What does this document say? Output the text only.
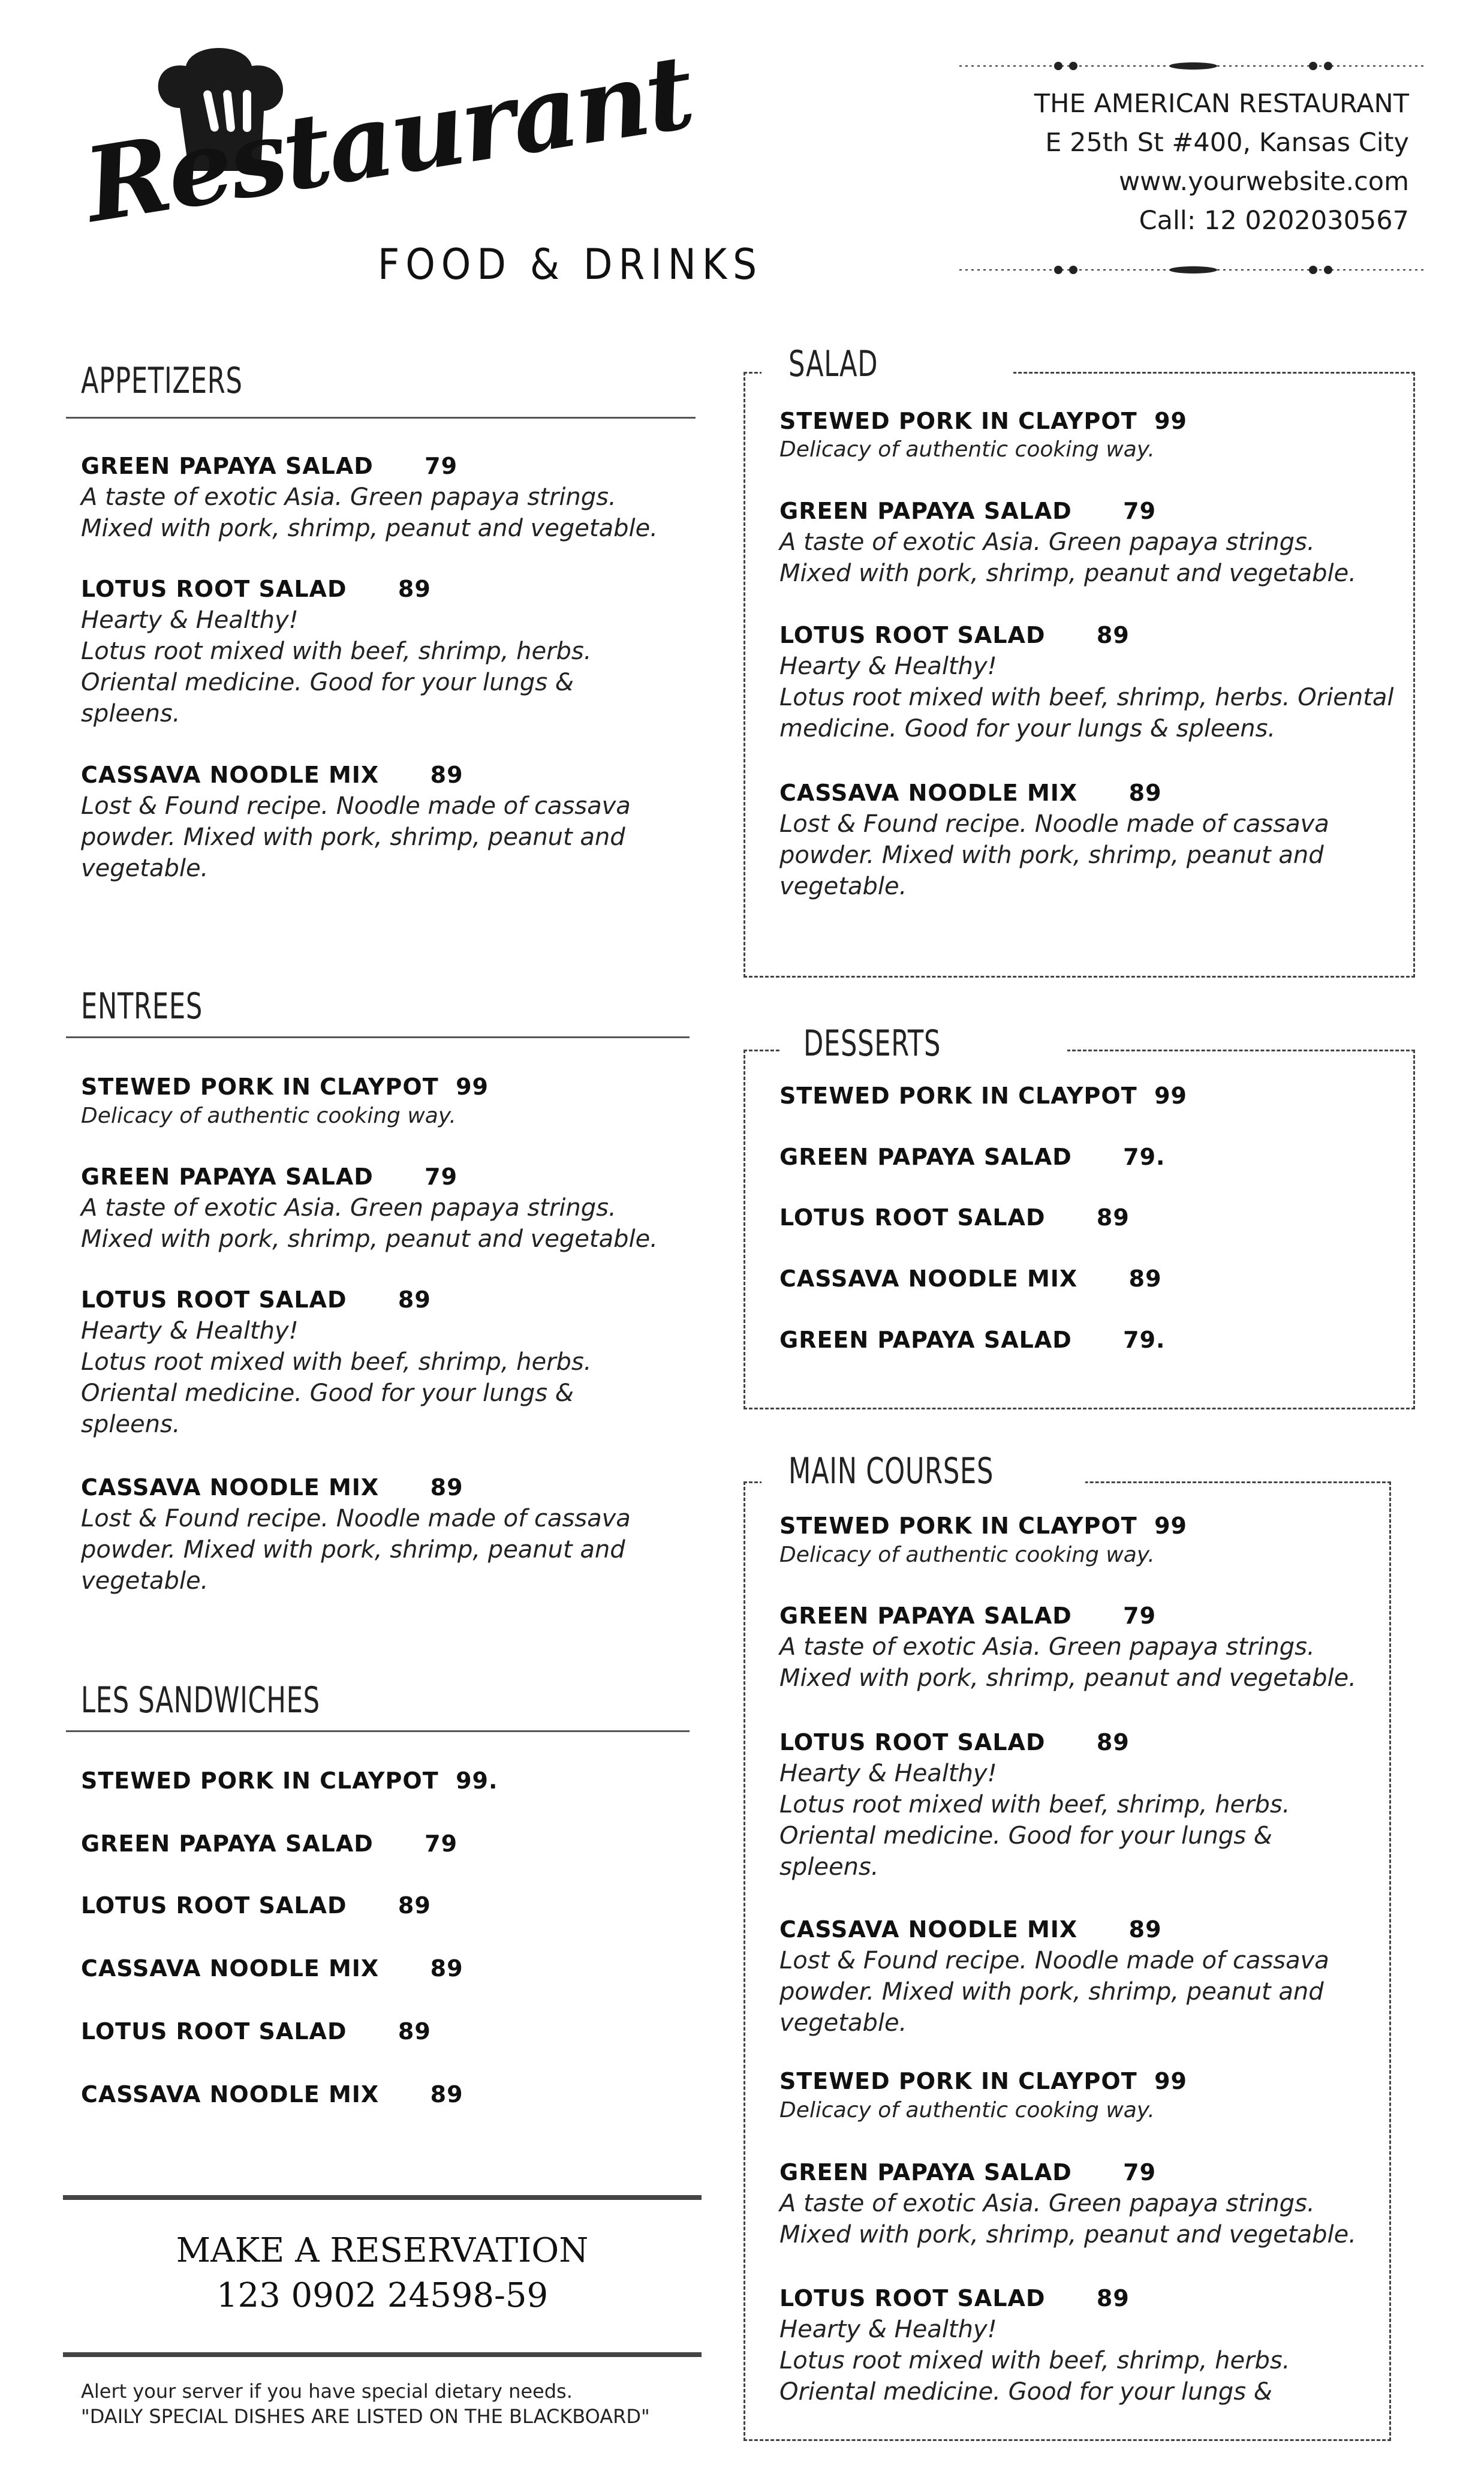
Restaurant
FOOD & DRINKS
THE AMERICAN RESTAURANT
E 25th St #400, Kansas City
www.yourwebsite.com
Call: 12 0202030567
APPETIZERS
GREEN PAPAYA SALAD 79
A taste of exotic Asia. Green papaya strings.
Mixed with pork, shrimp, peanut and vegetable.
LOTUS ROOT SALAD 89
Hearty & Healthy!
Lotus root mixed with beef, shrimp, herbs.
Oriental medicine. Good for your lungs &
spleens.
CASSAVA NOODLE MIX 89
Lost & Found recipe. Noodle made of cassava
powder. Mixed with pork, shrimp, peanut and
vegetable.
ENTREES
STEWED PORK IN CLAYPOT 99
Delicacy of authentic cooking way.
GREEN PAPAYA SALAD 79
A taste of exotic Asia. Green papaya strings.
Mixed with pork, shrimp, peanut and vegetable.
LOTUS ROOT SALAD 89
Hearty & Healthy!
Lotus root mixed with beef, shrimp, herbs.
Oriental medicine. Good for your lungs &
spleens.
CASSAVA NOODLE MIX 89
Lost & Found recipe. Noodle made of cassava
powder. Mixed with pork, shrimp, peanut and
vegetable.
LES SANDWICHES
STEWED PORK IN CLAYPOT 99.
GREEN PAPAYA SALAD 79
LOTUS ROOT SALAD 89
CASSAVA NOODLE MIX 89
LOTUS ROOT SALAD 89
CASSAVA NOODLE MIX 89
MAKE A RESERVATION
123 0902 24598-59
Alert your server if you have special dietary needs.
"DAILY SPECIAL DISHES ARE LISTED ON THE BLACKBOARD"
SALAD
STEWED PORK IN CLAYPOT 99
Delicacy of authentic cooking way.
GREEN PAPAYA SALAD 79
A taste of exotic Asia. Green papaya strings.
Mixed with pork, shrimp, peanut and vegetable.
LOTUS ROOT SALAD 89
Hearty & Healthy!
Lotus root mixed with beef, shrimp, herbs. Oriental
medicine. Good for your lungs & spleens.
CASSAVA NOODLE MIX 89
Lost & Found recipe. Noodle made of cassava
powder. Mixed with pork, shrimp, peanut and
vegetable.
DESSERTS
STEWED PORK IN CLAYPOT 99
GREEN PAPAYA SALAD 79.
LOTUS ROOT SALAD 89
CASSAVA NOODLE MIX 89
GREEN PAPAYA SALAD 79.
MAIN COURSES
STEWED PORK IN CLAYPOT 99
Delicacy of authentic cooking way.
GREEN PAPAYA SALAD 79
A taste of exotic Asia. Green papaya strings.
Mixed with pork, shrimp, peanut and vegetable.
LOTUS ROOT SALAD 89
Hearty & Healthy!
Lotus root mixed with beef, shrimp, herbs.
Oriental medicine. Good for your lungs &
spleens.
CASSAVA NOODLE MIX 89
Lost & Found recipe. Noodle made of cassava
powder. Mixed with pork, shrimp, peanut and
vegetable.
STEWED PORK IN CLAYPOT 99
Delicacy of authentic cooking way.
GREEN PAPAYA SALAD 79
A taste of exotic Asia. Green papaya strings.
Mixed with pork, shrimp, peanut and vegetable.
LOTUS ROOT SALAD 89
Hearty & Healthy!
Lotus root mixed with beef, shrimp, herbs.
Oriental medicine. Good for your lungs &
